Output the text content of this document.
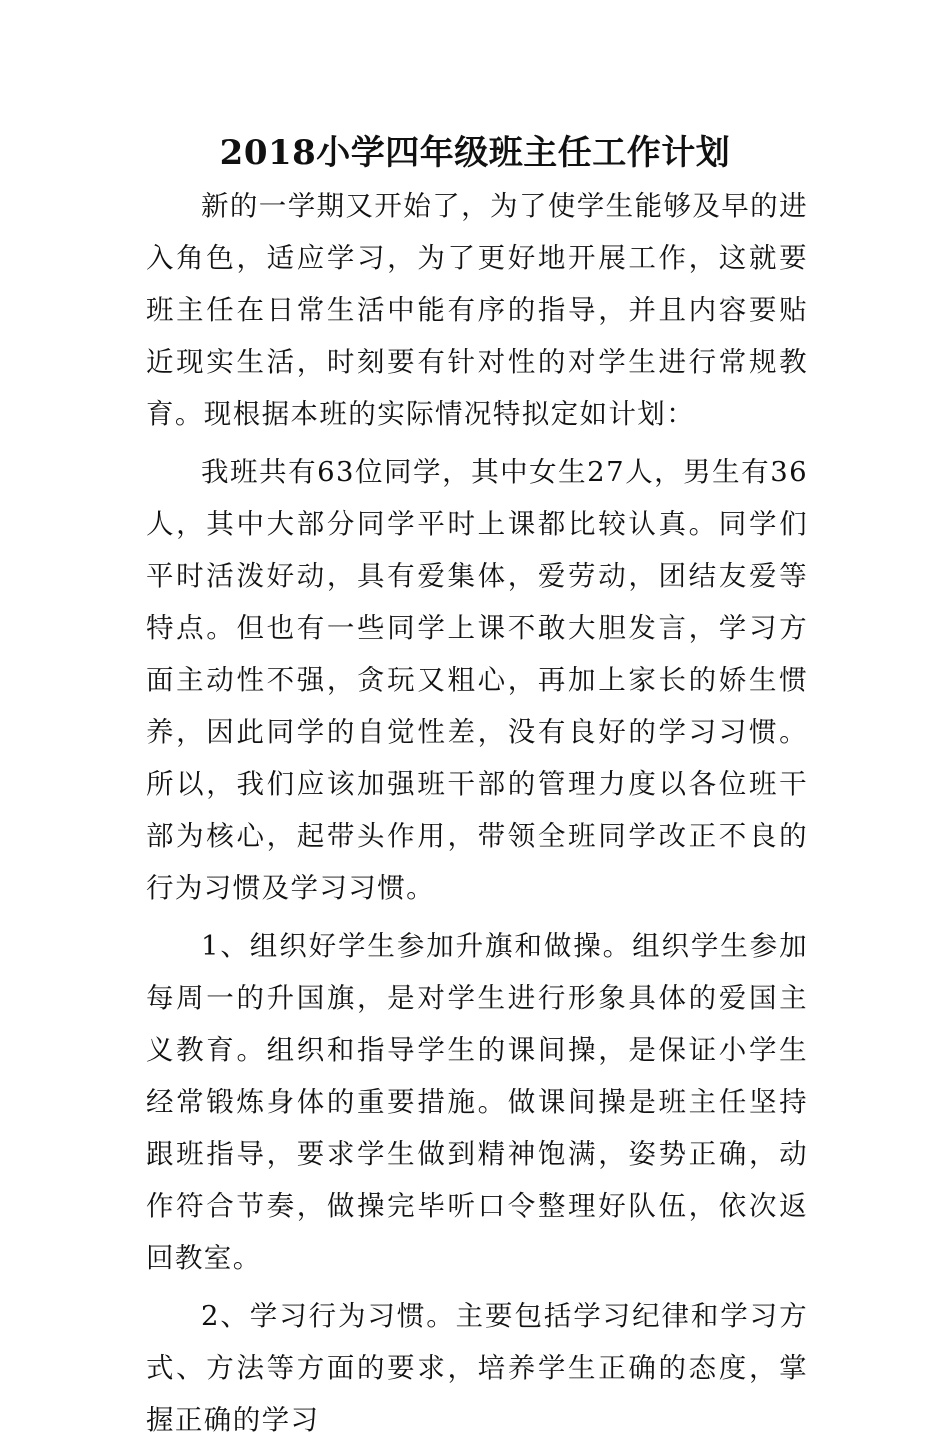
2018小学四年级班主任工作计划

新的一学期又开始了，为了使学生能够及早的进入角色，适应学习，为了更好地开展工作，这就要班主任在日常生活中能有序的指导，并且内容要贴近现实生活，时刻要有针对性的对学生进行常规教育。现根据本班的实际情况特拟定如计划：

我班共有63位同学，其中女生27人，男生有36人，其中大部分同学平时上课都比较认真。同学们平时活泼好动，具有爱集体，爱劳动，团结友爱等特点。但也有一些同学上课不敢大胆发言，学习方面主动性不强，贪玩又粗心，再加上家长的娇生惯养，因此同学的自觉性差，没有良好的学习习惯。所以，我们应该加强班干部的管理力度以各位班干部为核心，起带头作用，带领全班同学改正不良的行为习惯及学习习惯。

1、组织好学生参加升旗和做操。组织学生参加每周一的升国旗，是对学生进行形象具体的爱国主义教育。组织和指导学生的课间操，是保证小学生经常锻炼身体的重要措施。做课间操是班主任坚持跟班指导，要求学生做到精神饱满，姿势正确，动作符合节奏，做操完毕听口令整理好队伍，依次返回教室。

2、学习行为习惯。主要包括学习纪律和学习方式、方法等方面的要求，培养学生正确的态度，掌握正确的学习
